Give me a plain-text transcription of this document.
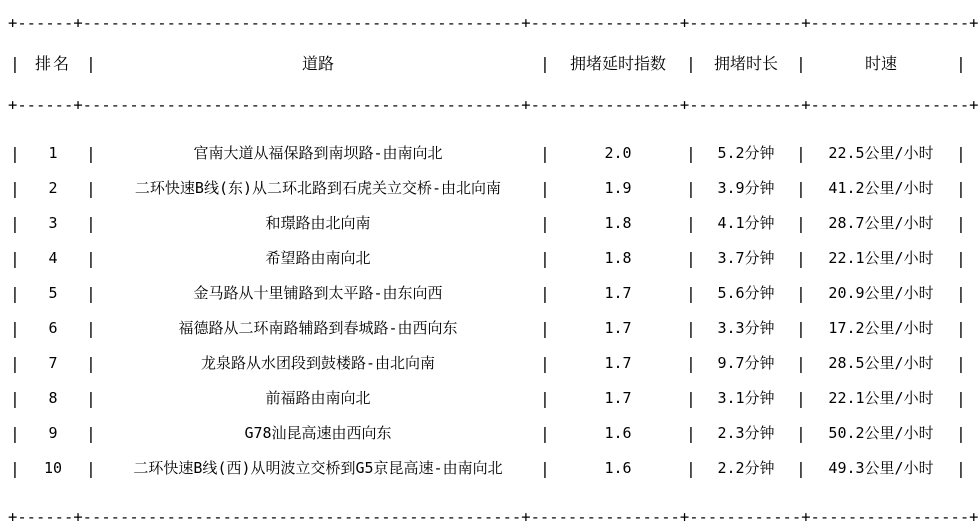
+------+-----------------------------------------------+----------------+------------+-----------------+
|	排名	|	道路	|	拥堵延时指数	|	拥堵时长	|	时速	|
+------+-----------------------------------------------+----------------+------------+-----------------+

|	1	|	官南大道从福保路到南坝路-由南向北	|	2.0	|	5.2分钟	|	22.5公里/小时	|
|	2	|	二环快速B线(东)从二环北路到石虎关立交桥-由北向南	|	1.9	|	3.9分钟	|	41.2公里/小时	|
|	3	|	和璟路由北向南	|	1.8	|	4.1分钟	|	28.7公里/小时	|
|	4	|	希望路由南向北	|	1.8	|	3.7分钟	|	22.1公里/小时	|
|	5	|	金马路从十里铺路到太平路-由东向西	|	1.7	|	5.6分钟	|	20.9公里/小时	|
|	6	|	福德路从二环南路辅路到春城路-由西向东	|	1.7	|	3.3分钟	|	17.2公里/小时	|
|	7	|	龙泉路从水团段到鼓楼路-由北向南	|	1.7	|	9.7分钟	|	28.5公里/小时	|
|	8	|	前福路由南向北	|	1.7	|	3.1分钟	|	22.1公里/小时	|
|	9	|	G78汕昆高速由西向东	|	1.6	|	2.3分钟	|	50.2公里/小时	|
|	10	|	二环快速B线(西)从明波立交桥到G5京昆高速-由南向北	|	1.6	|	2.2分钟	|	49.3公里/小时	|

+------+-----------------------------------------------+----------------+------------+-----------------+
